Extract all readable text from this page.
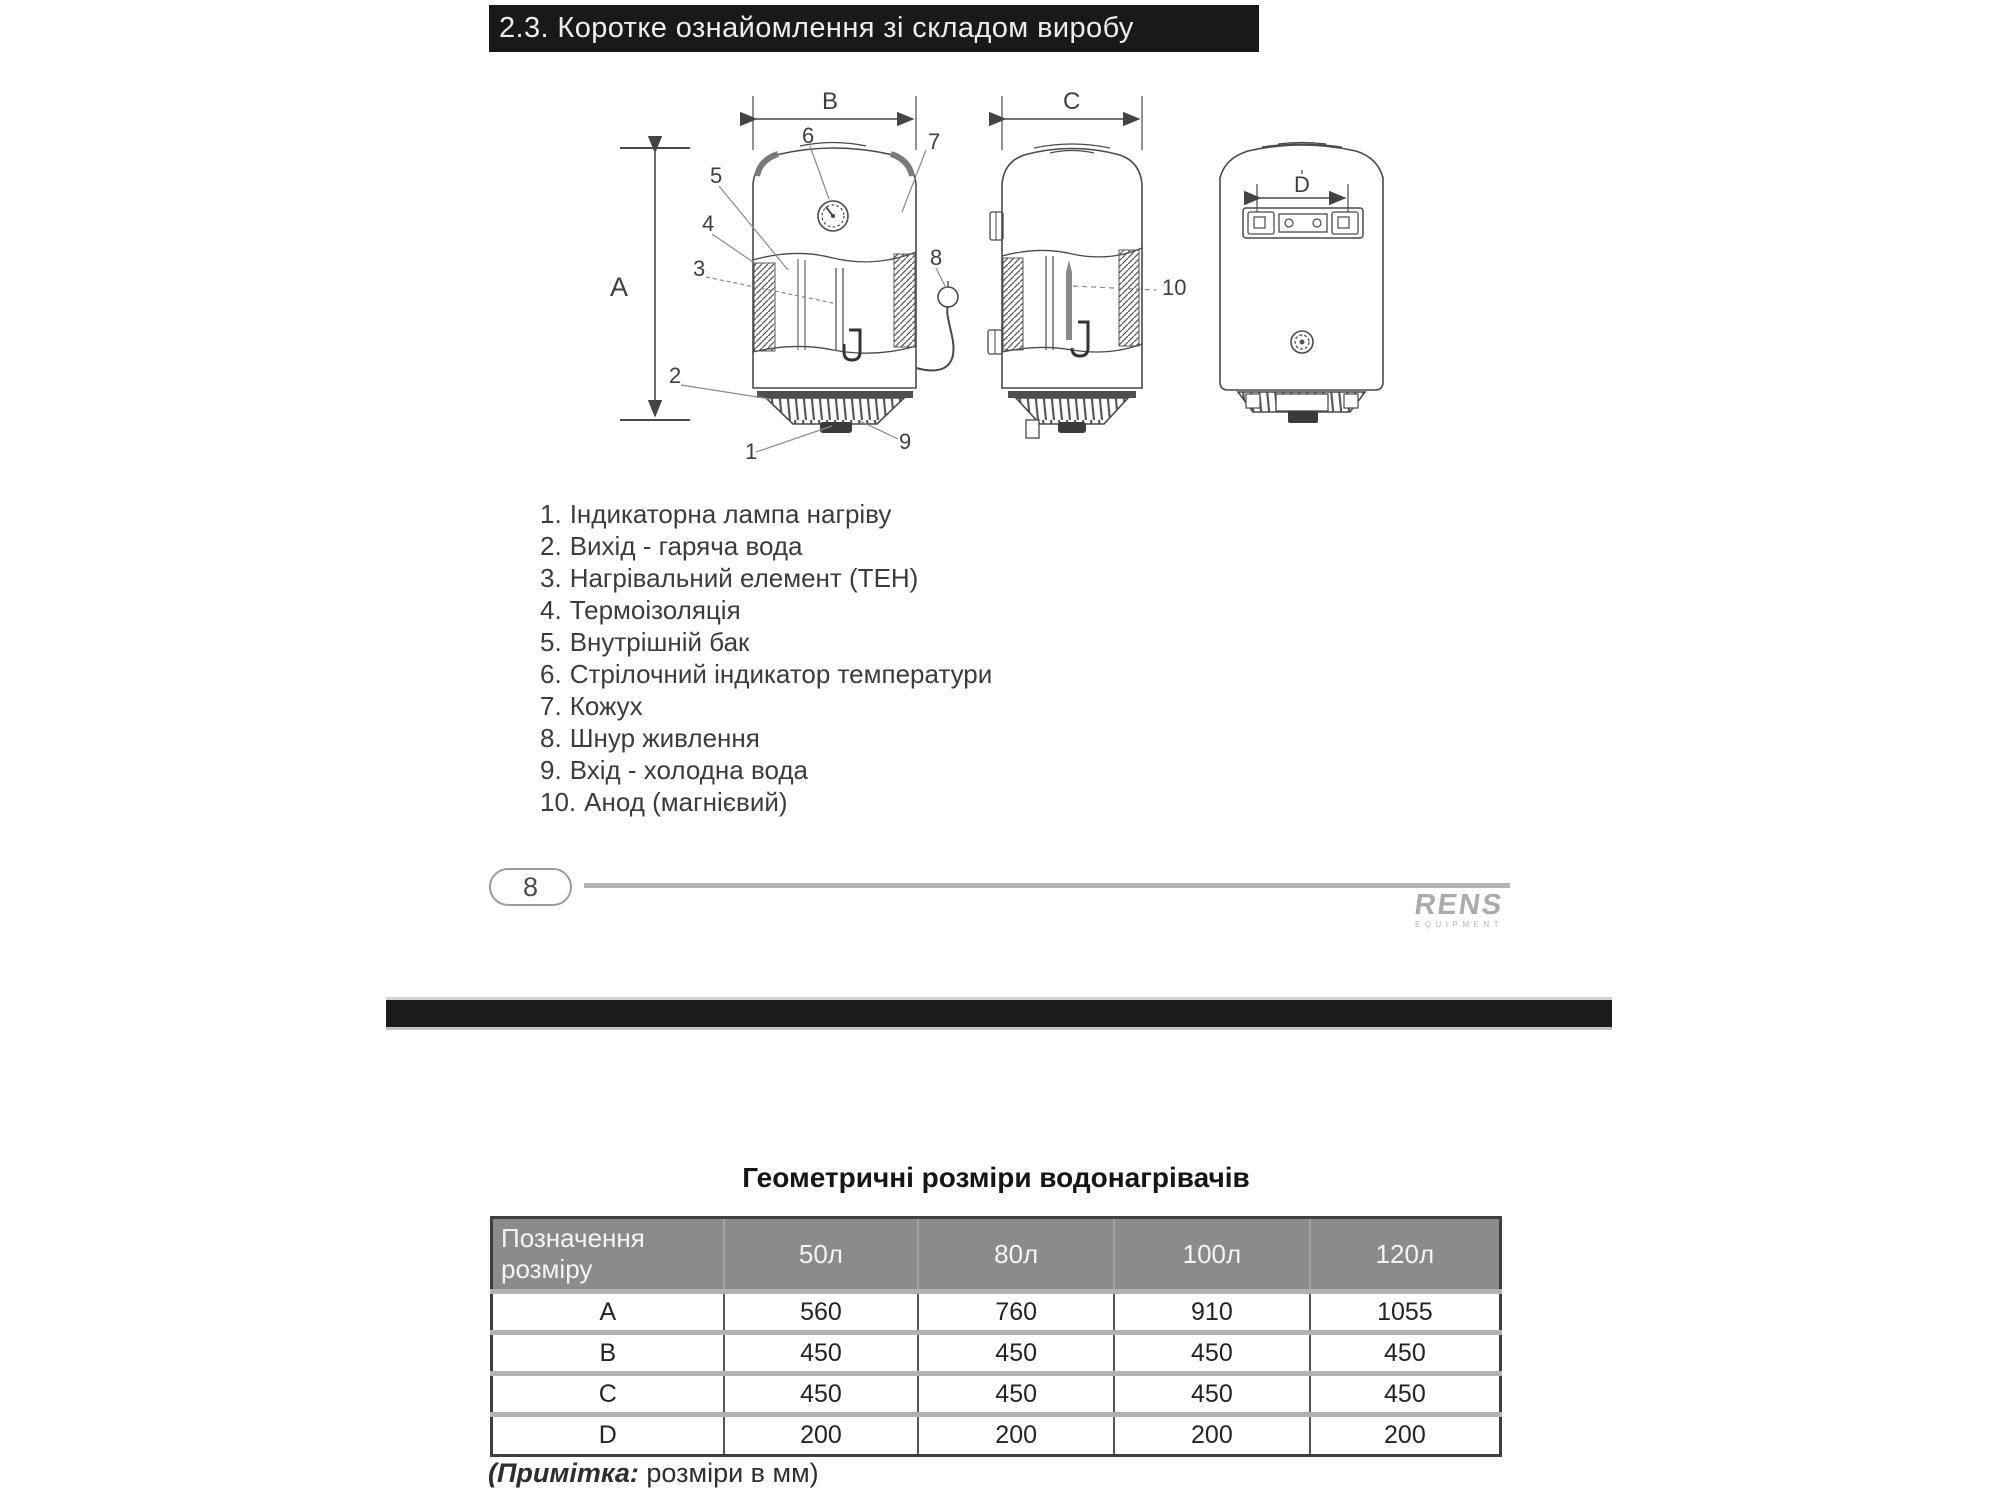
2.3. Коротке ознайомлення зі складом виробу
A
B	C
D
1
2
3
4
5
6	7
8
9
10
1. Індикаторна лампа нагріву
2. Вихід - гаряча вода
3. Нагрівальний елемент (ТЕН)
4. Термоізоляція
5. Внутрішній бак
6. Стрілочний індикатор температури
7. Кожух
8. Шнур живлення
9. Вхід - холодна вода
10. Анод (магнієвий)
8
RENS
EQUIPMENT
Геометричні розміри водонагрівачів
Позначення розміру	50л	80л	100л	120л
A	560	760	910	1055
B	450	450	450	450
C	450	450	450	450
D	200	200	200	200
(Примітка: розміри в мм)
